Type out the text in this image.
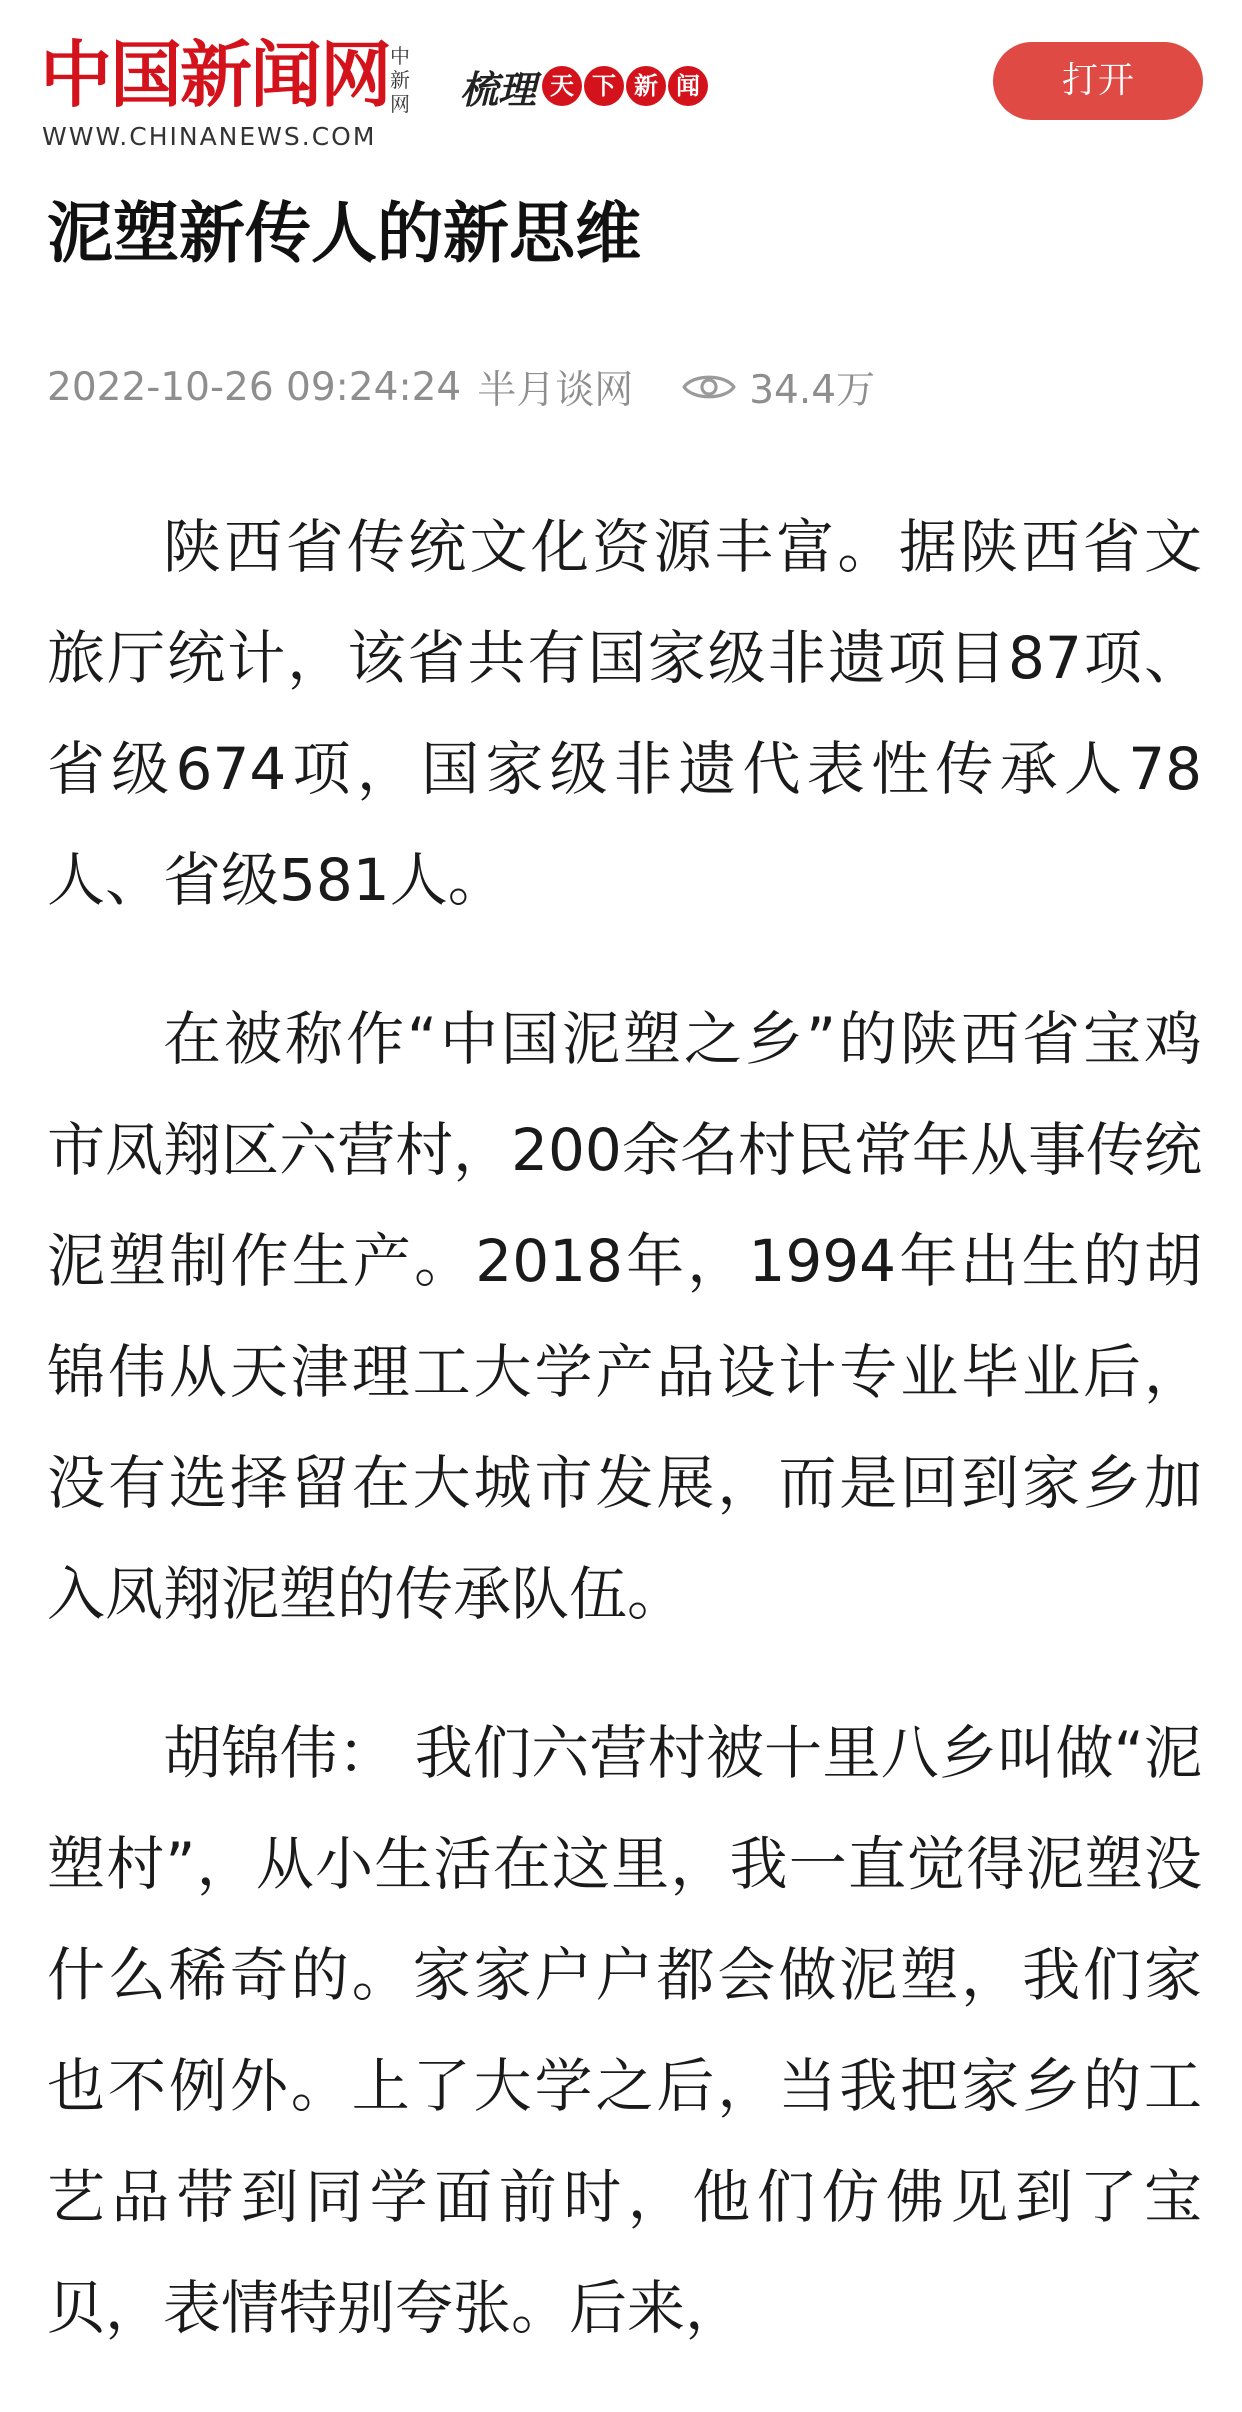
中国新闻网 中新网
WWW.CHINANEWS.COM
梳理 天 下 新 闻	打开
泥塑新传人的新思维
2022-10-26 09:24:24 半月谈网	34.4万

陕西省传统文化资源丰富。据陕西省文旅厅统计，该省共有国家级非遗项目87项、省级674项，国家级非遗代表性传承人78人、省级581人。

在被称作“中国泥塑之乡”的陕西省宝鸡市凤翔区六营村，200余名村民常年从事传统泥塑制作生产。2018年，1994年出生的胡锦伟从天津理工大学产品设计专业毕业后，没有选择留在大城市发展，而是回到家乡加入凤翔泥塑的传承队伍。

胡锦伟： 我们六营村被十里八乡叫做“泥塑村”，从小生活在这里，我一直觉得泥塑没什么稀奇的。家家户户都会做泥塑，我们家也不例外。上了大学之后，当我把家乡的工艺品带到同学面前时，他们仿佛见到了宝贝，表情特别夸张。后来，
